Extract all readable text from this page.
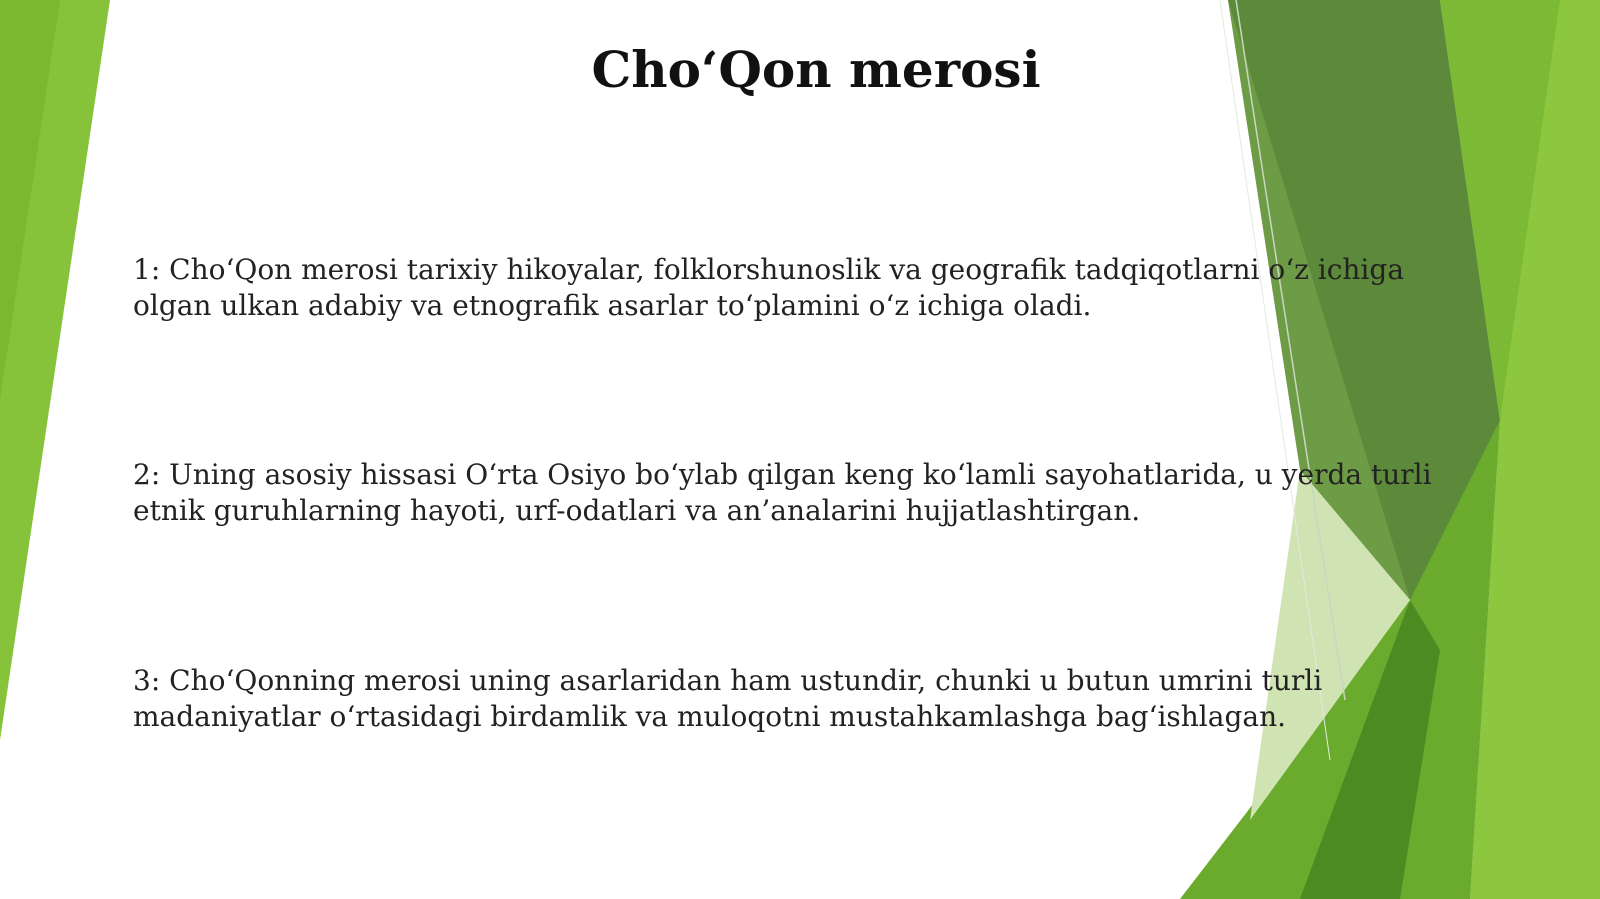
Cho‘Qon merosi
1: Cho‘Qon merosi tarixiy hikoyalar, folklorshunoslik va geografik tadqiqotlarni o‘z ichiga olgan ulkan adabiy va etnografik asarlar to‘plamini o‘z ichiga oladi.
2: Uning asosiy hissasi O‘rta Osiyo bo‘ylab qilgan keng ko‘lamli sayohatlarida, u yerda turli etnik guruhlarning hayoti, urf-odatlari va an’analarini hujjatlashtirgan.
3: Cho‘Qonning merosi uning asarlaridan ham ustundir, chunki u butun umrini turli madaniyatlar o‘rtasidagi birdamlik va muloqotni mustahkamlashga bag‘ishlagan.
